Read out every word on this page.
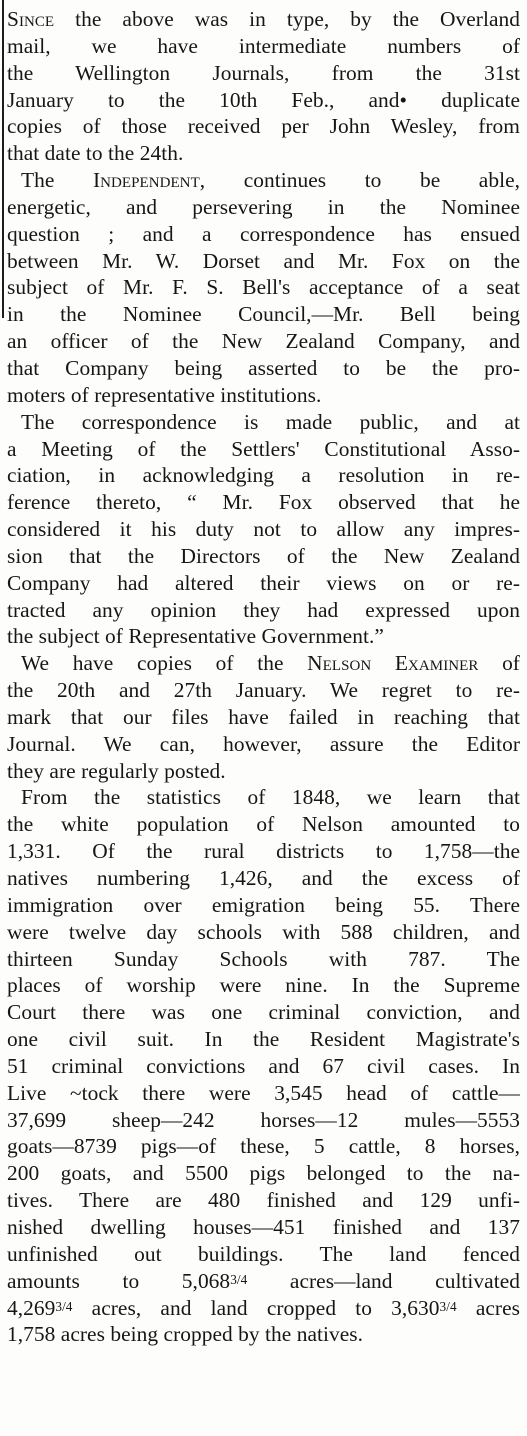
Since the above was in type, by the Overland
mail, we have intermediate numbers of
the Wellington Journals, from the 31st
January to the 10th Feb., and• duplicate
copies of those received per John Wesley, from
that date to the 24th.
The Independent, continues to be able,
energetic, and persevering in the Nominee
question ; and a correspondence has ensued
between Mr. W. Dorset and Mr. Fox on the
subject of Mr. F. S. Bell's acceptance of a seat
in the Nominee Council,—Mr. Bell being
an officer of the New Zealand Company, and
that Company being asserted to be the pro-
moters of representative institutions.
The correspondence is made public, and at
a Meeting of the Settlers' Constitutional Asso-
ciation, in acknowledging a resolution in re-
ference thereto, “ Mr. Fox observed that he
considered it his duty not to allow any impres-
sion that the Directors of the New Zealand
Company had altered their views on or re-
tracted any opinion they had expressed upon
the subject of Representative Government.”
We have copies of the Nelson Examiner of
the 20th and 27th January. We regret to re-
mark that our files have failed in reaching that
Journal. We can, however, assure the Editor
they are regularly posted.
From the statistics of 1848, we learn that
the white population of Nelson amounted to
1,331. Of the rural districts to 1,758—the
natives numbering 1,426, and the excess of
immigration over emigration being 55. There
were twelve day schools with 588 children, and
thirteen Sunday Schools with 787. The
places of worship were nine. In the Supreme
Court there was one criminal conviction, and
one civil suit. In the Resident Magistrate's
51 criminal convictions and 67 civil cases. In
Live ~tock there were 3,545 head of cattle—
37,699 sheep—242 horses—12 mules—5553
goats—8739 pigs—of these, 5 cattle, 8 horses,
200 goats, and 5500 pigs belonged to the na-
tives. There are 480 finished and 129 unfi-
nished dwelling houses—451 finished and 137
unfinished out buildings. The land fenced
amounts to 5,0683/4 acres—land cultivated
4,2693/4 acres, and land cropped to 3,6303/4 acres
1,758 acres being cropped by the natives.
